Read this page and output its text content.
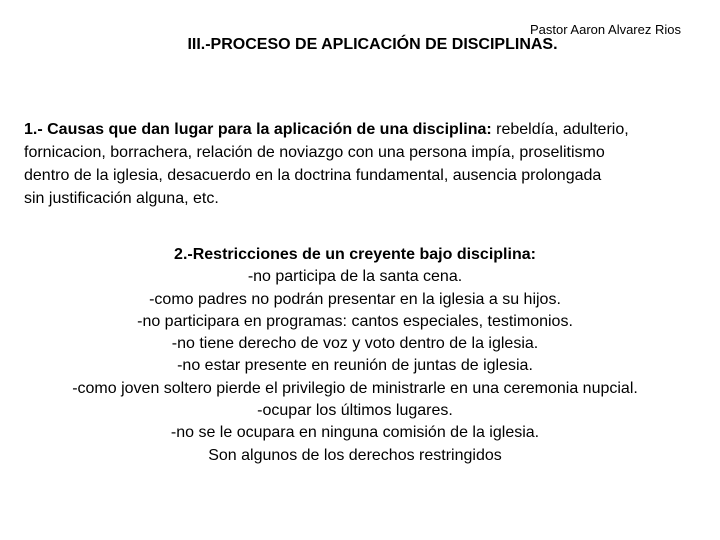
Pastor Aaron Alvarez Rios
III.-PROCESO DE APLICACIÓN DE DISCIPLINAS.
1.- Causas que dan lugar para la aplicación de una disciplina: rebeldía, adulterio,
fornicacion, borrachera, relación de noviazgo con una persona impía, proselitismo
dentro de la iglesia, desacuerdo en la doctrina fundamental, ausencia prolongada
sin justificación alguna, etc.
2.-Restricciones de un creyente bajo disciplina:
-no participa de la santa cena.
-como padres no podrán presentar en la iglesia a su hijos.
-no participara en programas: cantos especiales, testimonios.
-no tiene derecho de voz y voto dentro de la iglesia.
-no estar presente en reunión de juntas de iglesia.
-como joven soltero pierde el privilegio de ministrarle en una ceremonia nupcial.
-ocupar los últimos lugares.
-no se le ocupara en ninguna comisión de la iglesia.
Son algunos de los derechos restringidos
